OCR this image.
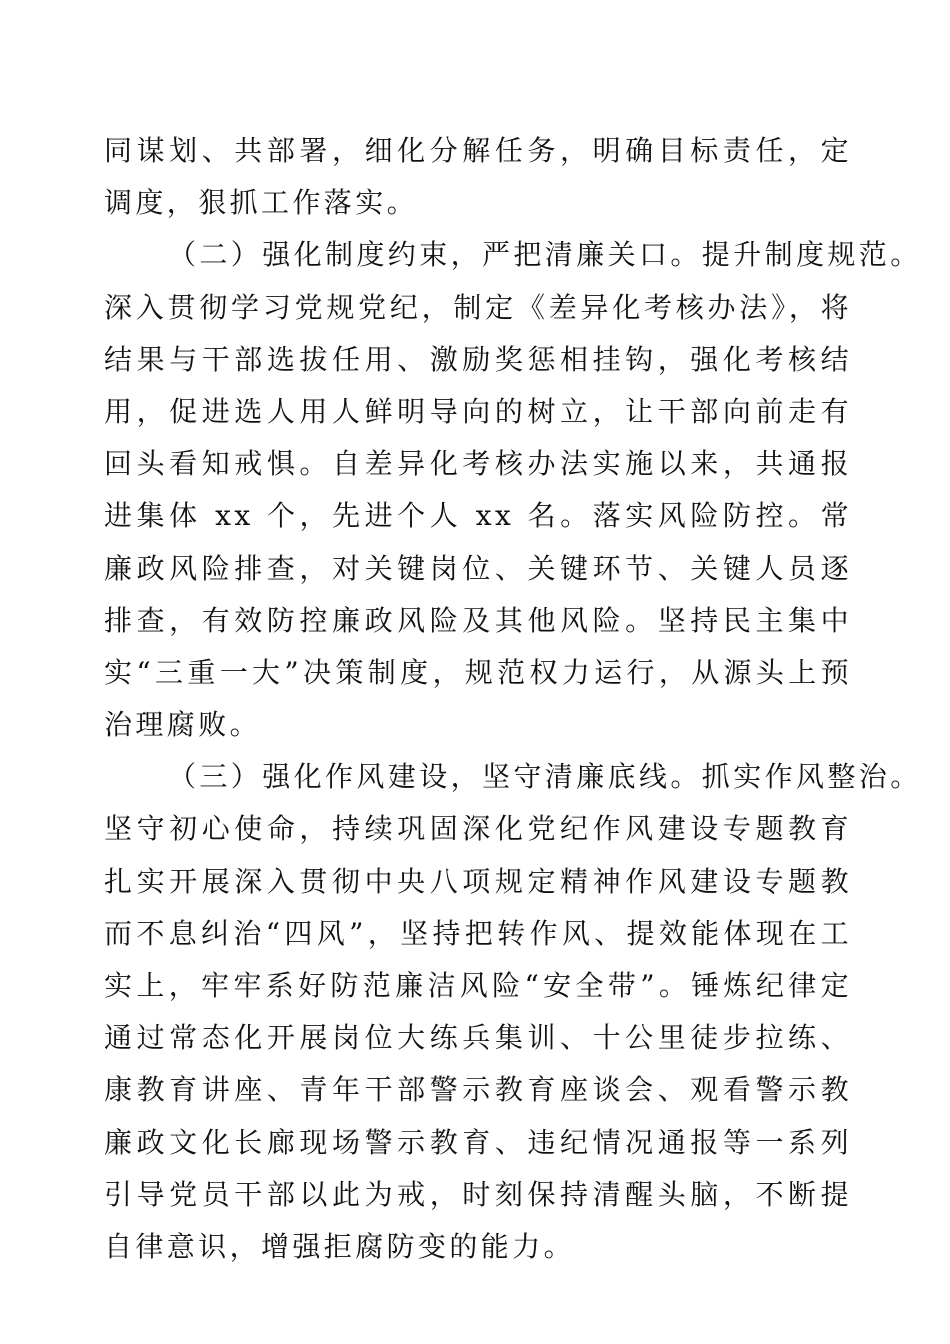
同谋划、共部署，细化分解任务，明确目标责任，定
调度，狠抓工作落实。
（二）强化制度约束，严把清廉关口。提升制度规范。
深入贯彻学习党规党纪，制定《差异化考核办法》，将
结果与干部选拔任用、激励奖惩相挂钩，强化考核结
用，促进选人用人鲜明导向的树立，让干部向前走有
回头看知戒惧。自差异化考核办法实施以来，共通报
进集体 xx 个，先进个人 xx 名。落实风险防控。常
廉政风险排查，对关键岗位、关键环节、关键人员逐
排查，有效防控廉政风险及其他风险。坚持民主集中
实“三重一大”决策制度，规范权力运行，从源头上预
治理腐败。
（三）强化作风建设，坚守清廉底线。抓实作风整治。
坚守初心使命，持续巩固深化党纪作风建设专题教育
扎实开展深入贯彻中央八项规定精神作风建设专题教
而不息纠治“四风”，坚持把转作风、提效能体现在工
实上，牢牢系好防范廉洁风险“安全带”。锤炼纪律定
通过常态化开展岗位大练兵集训、十公里徒步拉练、
康教育讲座、青年干部警示教育座谈会、观看警示教
廉政文化长廊现场警示教育、违纪情况通报等一系列
引导党员干部以此为戒，时刻保持清醒头脑，不断提
自律意识，增强拒腐防变的能力。
